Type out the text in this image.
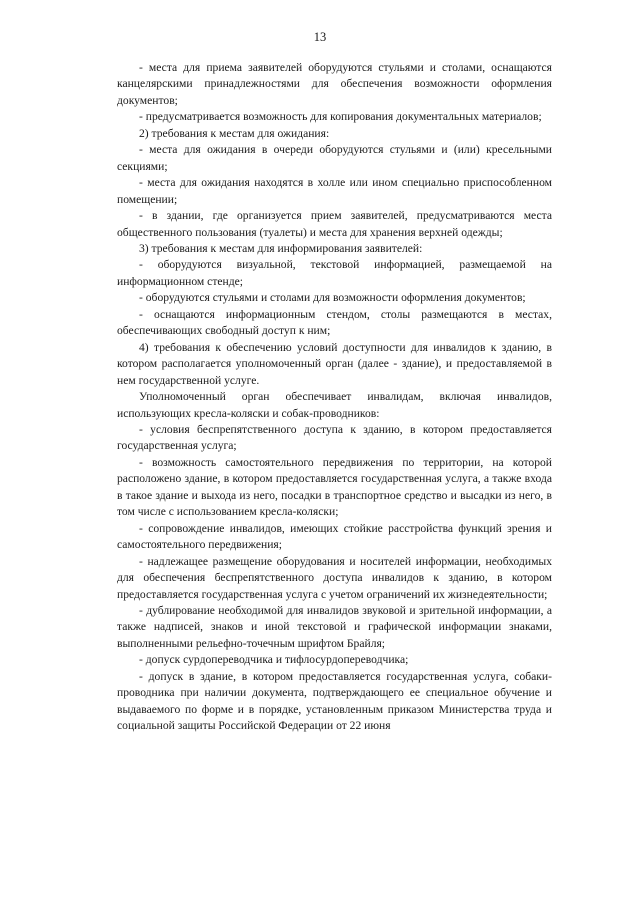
13

- места для приема заявителей оборудуются стульями и столами, оснащаются канцелярскими принадлежностями для обеспечения возможности оформления документов;

- предусматривается возможность для копирования документальных материалов;

2) требования к местам для ожидания:

- места для ожидания в очереди оборудуются стульями и (или) кресельными секциями;

- места для ожидания находятся в холле или ином специально приспособленном помещении;

- в здании, где организуется прием заявителей, предусматриваются места общественного пользования (туалеты) и места для хранения верхней одежды;

3) требования к местам для информирования заявителей:

- оборудуются визуальной, текстовой информацией, размещаемой на информационном стенде;

- оборудуются стульями и столами для возможности оформления документов;

- оснащаются информационным стендом, столы размещаются в местах, обеспечивающих свободный доступ к ним;

4) требования к обеспечению условий доступности для инвалидов к зданию, в котором располагается уполномоченный орган (далее - здание), и предоставляемой в нем государственной услуге.

Уполномоченный орган обеспечивает инвалидам, включая инвалидов, использующих кресла-коляски и собак-проводников:

- условия беспрепятственного доступа к зданию, в котором предоставляется государственная услуга;

- возможность самостоятельного передвижения по территории, на которой расположено здание, в котором предоставляется государственная услуга, а также входа в такое здание и выхода из него, посадки в транспортное средство и высадки из него, в том числе с использованием кресла-коляски;

- сопровождение инвалидов, имеющих стойкие расстройства функций зрения и самостоятельного передвижения;

- надлежащее размещение оборудования и носителей информации, необходимых для обеспечения беспрепятственного доступа инвалидов к зданию, в котором предоставляется государственная услуга с учетом ограничений их жизнедеятельности;

- дублирование необходимой для инвалидов звуковой и зрительной информации, а также надписей, знаков и иной текстовой и графической информации знаками, выполненными рельефно-точечным шрифтом Брайля;

- допуск сурдопереводчика и тифлосурдопереводчика;

- допуск в здание, в котором предоставляется государственная услуга, собаки-проводника при наличии документа, подтверждающего ее специальное обучение и выдаваемого по форме и в порядке, установленным приказом Министерства труда и социальной защиты Российской Федерации от 22 июня
